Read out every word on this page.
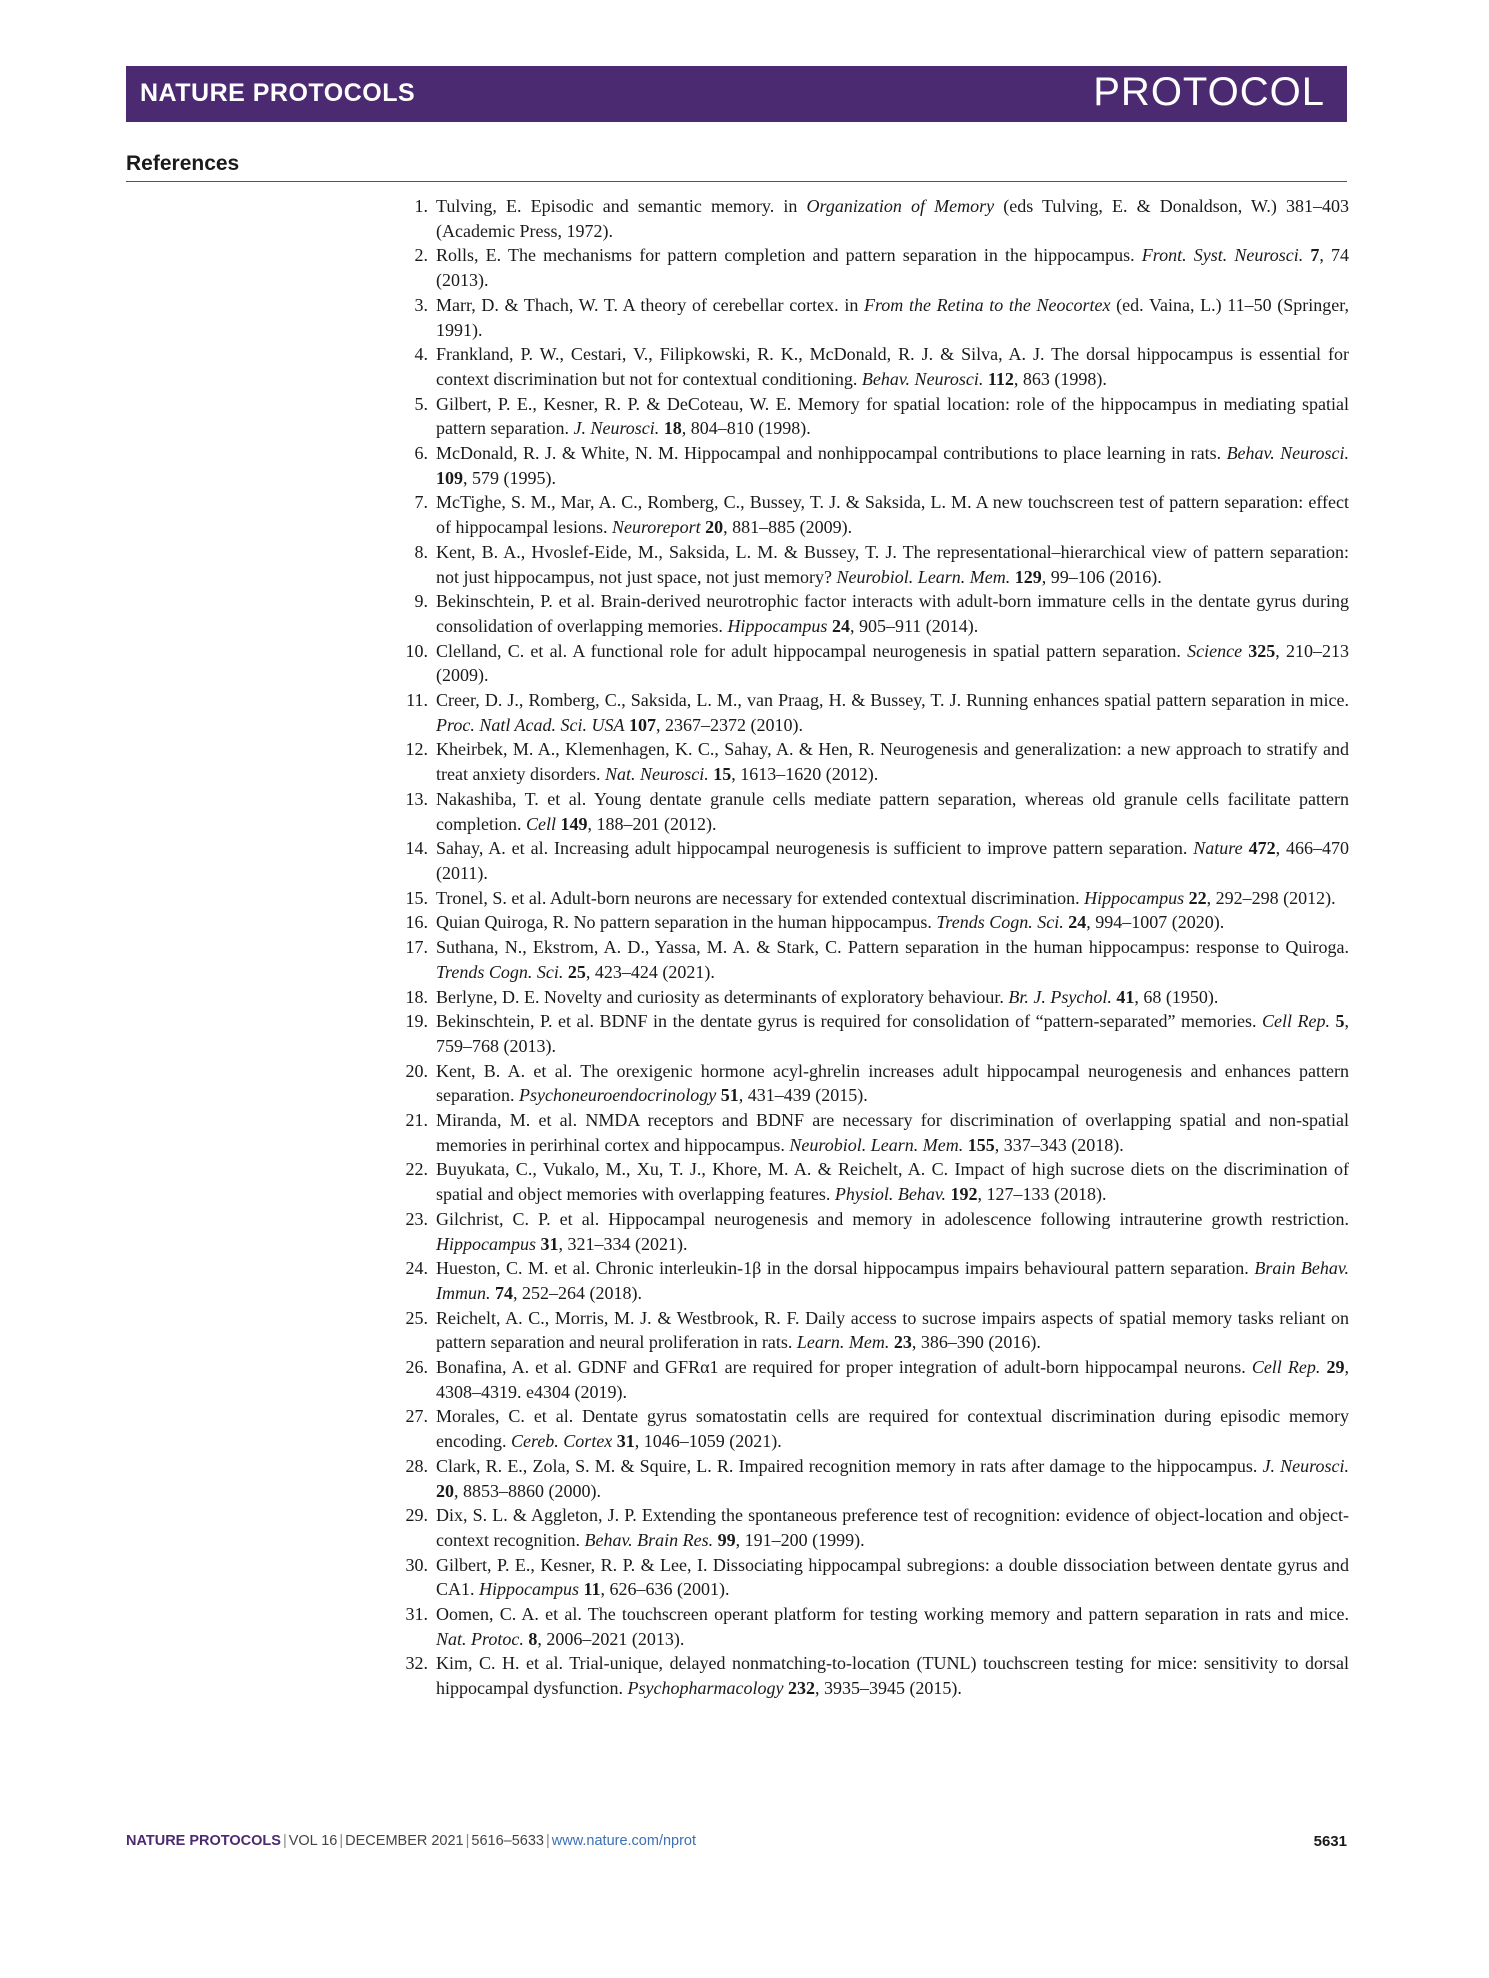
NATURE PROTOCOLS	PROTOCOL
References
1. Tulving, E. Episodic and semantic memory. in Organization of Memory (eds Tulving, E. & Donaldson, W.) 381–403 (Academic Press, 1972).
2. Rolls, E. The mechanisms for pattern completion and pattern separation in the hippocampus. Front. Syst. Neurosci. 7, 74 (2013).
3. Marr, D. & Thach, W. T. A theory of cerebellar cortex. in From the Retina to the Neocortex (ed. Vaina, L.) 11–50 (Springer, 1991).
4. Frankland, P. W., Cestari, V., Filipkowski, R. K., McDonald, R. J. & Silva, A. J. The dorsal hippocampus is essential for context discrimination but not for contextual conditioning. Behav. Neurosci. 112, 863 (1998).
5. Gilbert, P. E., Kesner, R. P. & DeCoteau, W. E. Memory for spatial location: role of the hippocampus in mediating spatial pattern separation. J. Neurosci. 18, 804–810 (1998).
6. McDonald, R. J. & White, N. M. Hippocampal and nonhippocampal contributions to place learning in rats. Behav. Neurosci. 109, 579 (1995).
7. McTighe, S. M., Mar, A. C., Romberg, C., Bussey, T. J. & Saksida, L. M. A new touchscreen test of pattern separation: effect of hippocampal lesions. Neuroreport 20, 881–885 (2009).
8. Kent, B. A., Hvoslef-Eide, M., Saksida, L. M. & Bussey, T. J. The representational–hierarchical view of pattern separation: not just hippocampus, not just space, not just memory? Neurobiol. Learn. Mem. 129, 99–106 (2016).
9. Bekinschtein, P. et al. Brain-derived neurotrophic factor interacts with adult-born immature cells in the dentate gyrus during consolidation of overlapping memories. Hippocampus 24, 905–911 (2014).
10. Clelland, C. et al. A functional role for adult hippocampal neurogenesis in spatial pattern separation. Science 325, 210–213 (2009).
11. Creer, D. J., Romberg, C., Saksida, L. M., van Praag, H. & Bussey, T. J. Running enhances spatial pattern separation in mice. Proc. Natl Acad. Sci. USA 107, 2367–2372 (2010).
12. Kheirbek, M. A., Klemenhagen, K. C., Sahay, A. & Hen, R. Neurogenesis and generalization: a new approach to stratify and treat anxiety disorders. Nat. Neurosci. 15, 1613–1620 (2012).
13. Nakashiba, T. et al. Young dentate granule cells mediate pattern separation, whereas old granule cells facilitate pattern completion. Cell 149, 188–201 (2012).
14. Sahay, A. et al. Increasing adult hippocampal neurogenesis is sufficient to improve pattern separation. Nature 472, 466–470 (2011).
15. Tronel, S. et al. Adult-born neurons are necessary for extended contextual discrimination. Hippocampus 22, 292–298 (2012).
16. Quian Quiroga, R. No pattern separation in the human hippocampus. Trends Cogn. Sci. 24, 994–1007 (2020).
17. Suthana, N., Ekstrom, A. D., Yassa, M. A. & Stark, C. Pattern separation in the human hippocampus: response to Quiroga. Trends Cogn. Sci. 25, 423–424 (2021).
18. Berlyne, D. E. Novelty and curiosity as determinants of exploratory behaviour. Br. J. Psychol. 41, 68 (1950).
19. Bekinschtein, P. et al. BDNF in the dentate gyrus is required for consolidation of “pattern-separated” memories. Cell Rep. 5, 759–768 (2013).
20. Kent, B. A. et al. The orexigenic hormone acyl-ghrelin increases adult hippocampal neurogenesis and enhances pattern separation. Psychoneuroendocrinology 51, 431–439 (2015).
21. Miranda, M. et al. NMDA receptors and BDNF are necessary for discrimination of overlapping spatial and non-spatial memories in perirhinal cortex and hippocampus. Neurobiol. Learn. Mem. 155, 337–343 (2018).
22. Buyukata, C., Vukalo, M., Xu, T. J., Khore, M. A. & Reichelt, A. C. Impact of high sucrose diets on the discrimination of spatial and object memories with overlapping features. Physiol. Behav. 192, 127–133 (2018).
23. Gilchrist, C. P. et al. Hippocampal neurogenesis and memory in adolescence following intrauterine growth restriction. Hippocampus 31, 321–334 (2021).
24. Hueston, C. M. et al. Chronic interleukin-1β in the dorsal hippocampus impairs behavioural pattern separation. Brain Behav. Immun. 74, 252–264 (2018).
25. Reichelt, A. C., Morris, M. J. & Westbrook, R. F. Daily access to sucrose impairs aspects of spatial memory tasks reliant on pattern separation and neural proliferation in rats. Learn. Mem. 23, 386–390 (2016).
26. Bonafina, A. et al. GDNF and GFRα1 are required for proper integration of adult-born hippocampal neurons. Cell Rep. 29, 4308–4319. e4304 (2019).
27. Morales, C. et al. Dentate gyrus somatostatin cells are required for contextual discrimination during episodic memory encoding. Cereb. Cortex 31, 1046–1059 (2021).
28. Clark, R. E., Zola, S. M. & Squire, L. R. Impaired recognition memory in rats after damage to the hippocampus. J. Neurosci. 20, 8853–8860 (2000).
29. Dix, S. L. & Aggleton, J. P. Extending the spontaneous preference test of recognition: evidence of object-location and object-context recognition. Behav. Brain Res. 99, 191–200 (1999).
30. Gilbert, P. E., Kesner, R. P. & Lee, I. Dissociating hippocampal subregions: a double dissociation between dentate gyrus and CA1. Hippocampus 11, 626–636 (2001).
31. Oomen, C. A. et al. The touchscreen operant platform for testing working memory and pattern separation in rats and mice. Nat. Protoc. 8, 2006–2021 (2013).
32. Kim, C. H. et al. Trial-unique, delayed nonmatching-to-location (TUNL) touchscreen testing for mice: sensitivity to dorsal hippocampal dysfunction. Psychopharmacology 232, 3935–3945 (2015).
NATURE PROTOCOLS | VOL 16 | DECEMBER 2021 | 5616–5633 | www.nature.com/nprot	5631
